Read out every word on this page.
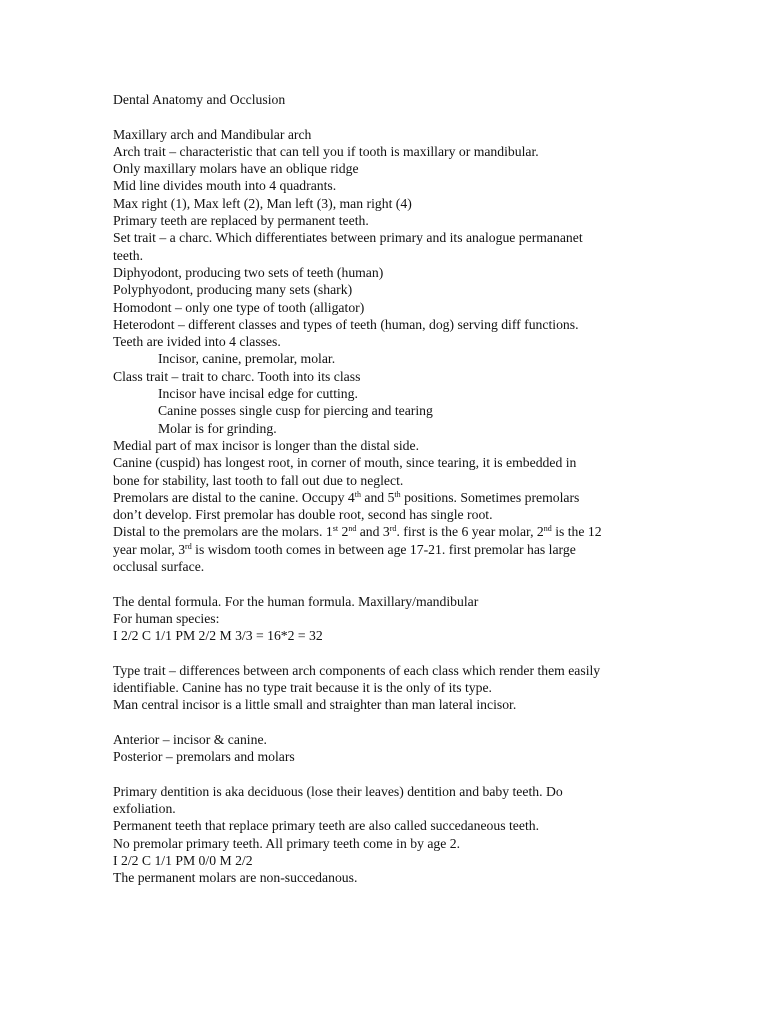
Dental Anatomy and Occlusion

Maxillary arch and Mandibular arch

Arch trait – characteristic that can tell you if tooth is maxillary or mandibular.

Only maxillary molars have an oblique ridge

Mid line divides mouth into 4 quadrants.

Max right (1), Max left (2), Man left (3), man right (4)

Primary teeth are replaced by permanent teeth.

Set trait – a charc. Which differentiates between primary and its analogue permananet

teeth.

Diphyodont, producing two sets of teeth (human)

Polyphyodont, producing many sets (shark)

Homodont – only one type of tooth (alligator)

Heterodont – different classes and types of teeth (human, dog) serving diff functions.

Teeth are ivided into 4 classes.

Incisor, canine, premolar, molar.

Class trait – trait to charc. Tooth into its class

Incisor have incisal edge for cutting.

Canine posses single cusp for piercing and tearing

Molar is for grinding.

Medial part of max incisor is longer than the distal side.

Canine (cuspid) has longest root, in corner of mouth, since tearing, it is embedded in

bone for stability, last tooth to fall out due to neglect.

Premolars are distal to the canine. Occupy 4th and 5th positions. Sometimes premolars

don’t develop. First premolar has double root, second has single root.

Distal to the premolars are the molars. 1st 2nd and 3rd. first is the 6 year molar, 2nd is the 12

year molar, 3rd is wisdom tooth comes in between age 17-21. first premolar has large

occlusal surface.

The dental formula. For the human formula. Maxillary/mandibular

For human species:

I 2/2 C 1/1 PM 2/2 M 3/3 = 16*2 = 32

Type trait – differences between arch components of each class which render them easily

identifiable. Canine has no type trait because it is the only of its type.

Man central incisor is a little small and straighter than man lateral incisor.

Anterior – incisor & canine.

Posterior – premolars and molars

Primary dentition is aka deciduous (lose their leaves) dentition and baby teeth. Do

exfoliation.

Permanent teeth that replace primary teeth are also called succedaneous teeth.

No premolar primary teeth. All primary teeth come in by age 2.

I 2/2 C 1/1 PM 0/0 M 2/2

The permanent molars are non-succedanous.
